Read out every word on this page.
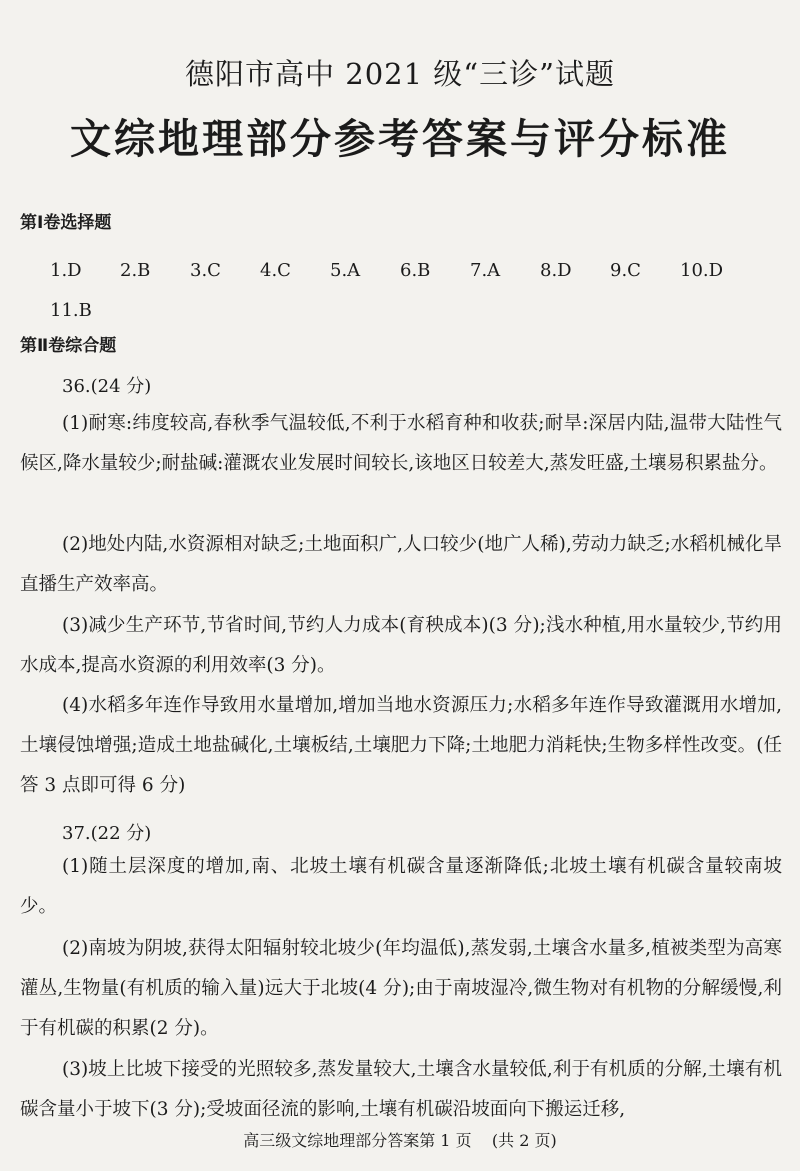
德阳市高中 2021 级“三诊”试题
文综地理部分参考答案与评分标准
第Ⅰ卷选择题
1.D	2.B	3.C	4.C	5.A	6.B	7.A	8.D	9.C	10.D
11.B
第Ⅱ卷综合题
36.(24 分)

(1)耐寒:纬度较高,春秋季气温较低,不利于水稻育种和收获;耐旱:深居内陆,温带大陆性气候区,降水量较少;耐盐碱:灌溉农业发展时间较长,该地区日较差大,蒸发旺盛,土壤易积累盐分。

(2)地处内陆,水资源相对缺乏;土地面积广,人口较少(地广人稀),劳动力缺乏;水稻机械化旱直播生产效率高。

(3)减少生产环节,节省时间,节约人力成本(育秧成本)(3 分);浅水种植,用水量较少,节约用水成本,提高水资源的利用效率(3 分)。

(4)水稻多年连作导致用水量增加,增加当地水资源压力;水稻多年连作导致灌溉用水增加,土壤侵蚀增强;造成土地盐碱化,土壤板结,土壤肥力下降;土地肥力消耗快;生物多样性改变。(任答 3 点即可得 6 分)

37.(22 分)

(1)随土层深度的增加,南、北坡土壤有机碳含量逐渐降低;北坡土壤有机碳含量较南坡少。

(2)南坡为阴坡,获得太阳辐射较北坡少(年均温低),蒸发弱,土壤含水量多,植被类型为高寒灌丛,生物量(有机质的输入量)远大于北坡(4 分);由于南坡湿冷,微生物对有机物的分解缓慢,利于有机碳的积累(2 分)。

(3)坡上比坡下接受的光照较多,蒸发量较大,土壤含水量较低,利于有机质的分解,土壤有机碳含量小于坡下(3 分);受坡面径流的影响,土壤有机碳沿坡面向下搬运迁移,

高三级文综地理部分答案第 1 页    (共 2 页)
